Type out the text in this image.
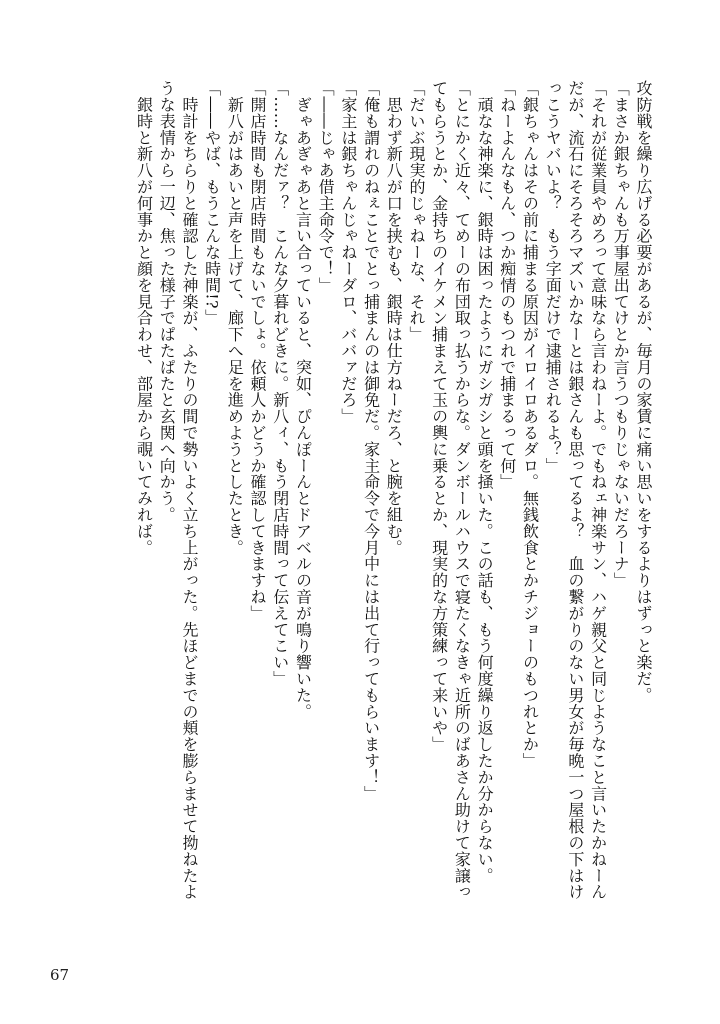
攻防戦を繰り広げる必要があるが、毎月の家賃に痛い思いをするよりはずっと楽だ。
「まさか銀ちゃんも万事屋出てけとか言うつもりじゃないだろーナ」
「それが従業員やめろって意味なら言わねーよ。でもねェ神楽サン、ハゲ親父と同じようなこと言いたかねーん
だが、流石にそろそろマズいかなーとは銀さんも思ってるよ？　血の繋がりのない男女が毎晩一つ屋根の下はけ
っこうヤバいよ？　もう字面だけで逮捕されるよ？」
「銀ちゃんはその前に捕まる原因がイロイロあるダロ。無銭飲食とかチジョーのもつれとか」
「ねーよんなもん、つか痴情のもつれで捕まるって何」
　頑なな神楽に、銀時は困ったようにガシガシと頭を掻いた。この話も、もう何度繰り返したか分からない。
「とにかく近々、てめーの布団取っ払うからな。ダンボールハウスで寝たくなきゃ近所のばあさん助けて家譲っ
てもらうとか、金持ちのイケメン捕まえて玉の輿に乗るとか、現実的な方策練って来いや」
「だいぶ現実的じゃねーな、それ」
　思わず新八が口を挟むも、銀時は仕方ねーだろ、と腕を組む。
「俺も謂れのねぇことでとっ捕まんのは御免だ。家主命令で今月中には出て行ってもらいます！」
「家主は銀ちゃんじゃねーダロ、ババァだろ」
「――じゃあ借主命令で！」
　ぎゃあぎゃあと言い合っていると、突如、ぴんぽーんとドアベルの音が鳴り響いた。
「……なんだァ？　こんな夕暮れどきに。新八ィ、もう閉店時間って伝えてこい」
「開店時間も閉店時間もないでしょ。依頼人かどうか確認してきますね」
　新八がはあいと声を上げて、廊下へ足を進めようとしたとき。
「――やば、もうこんな時間!?」
　時計をちらりと確認した神楽が、ふたりの間で勢いよく立ち上がった。先ほどまでの頬を膨らませて拗ねたよ
うな表情から一辺、焦った様子でぱたぱたと玄関へ向かう。
　銀時と新八が何事かと顔を見合わせ、部屋から覗いてみれば。
67
